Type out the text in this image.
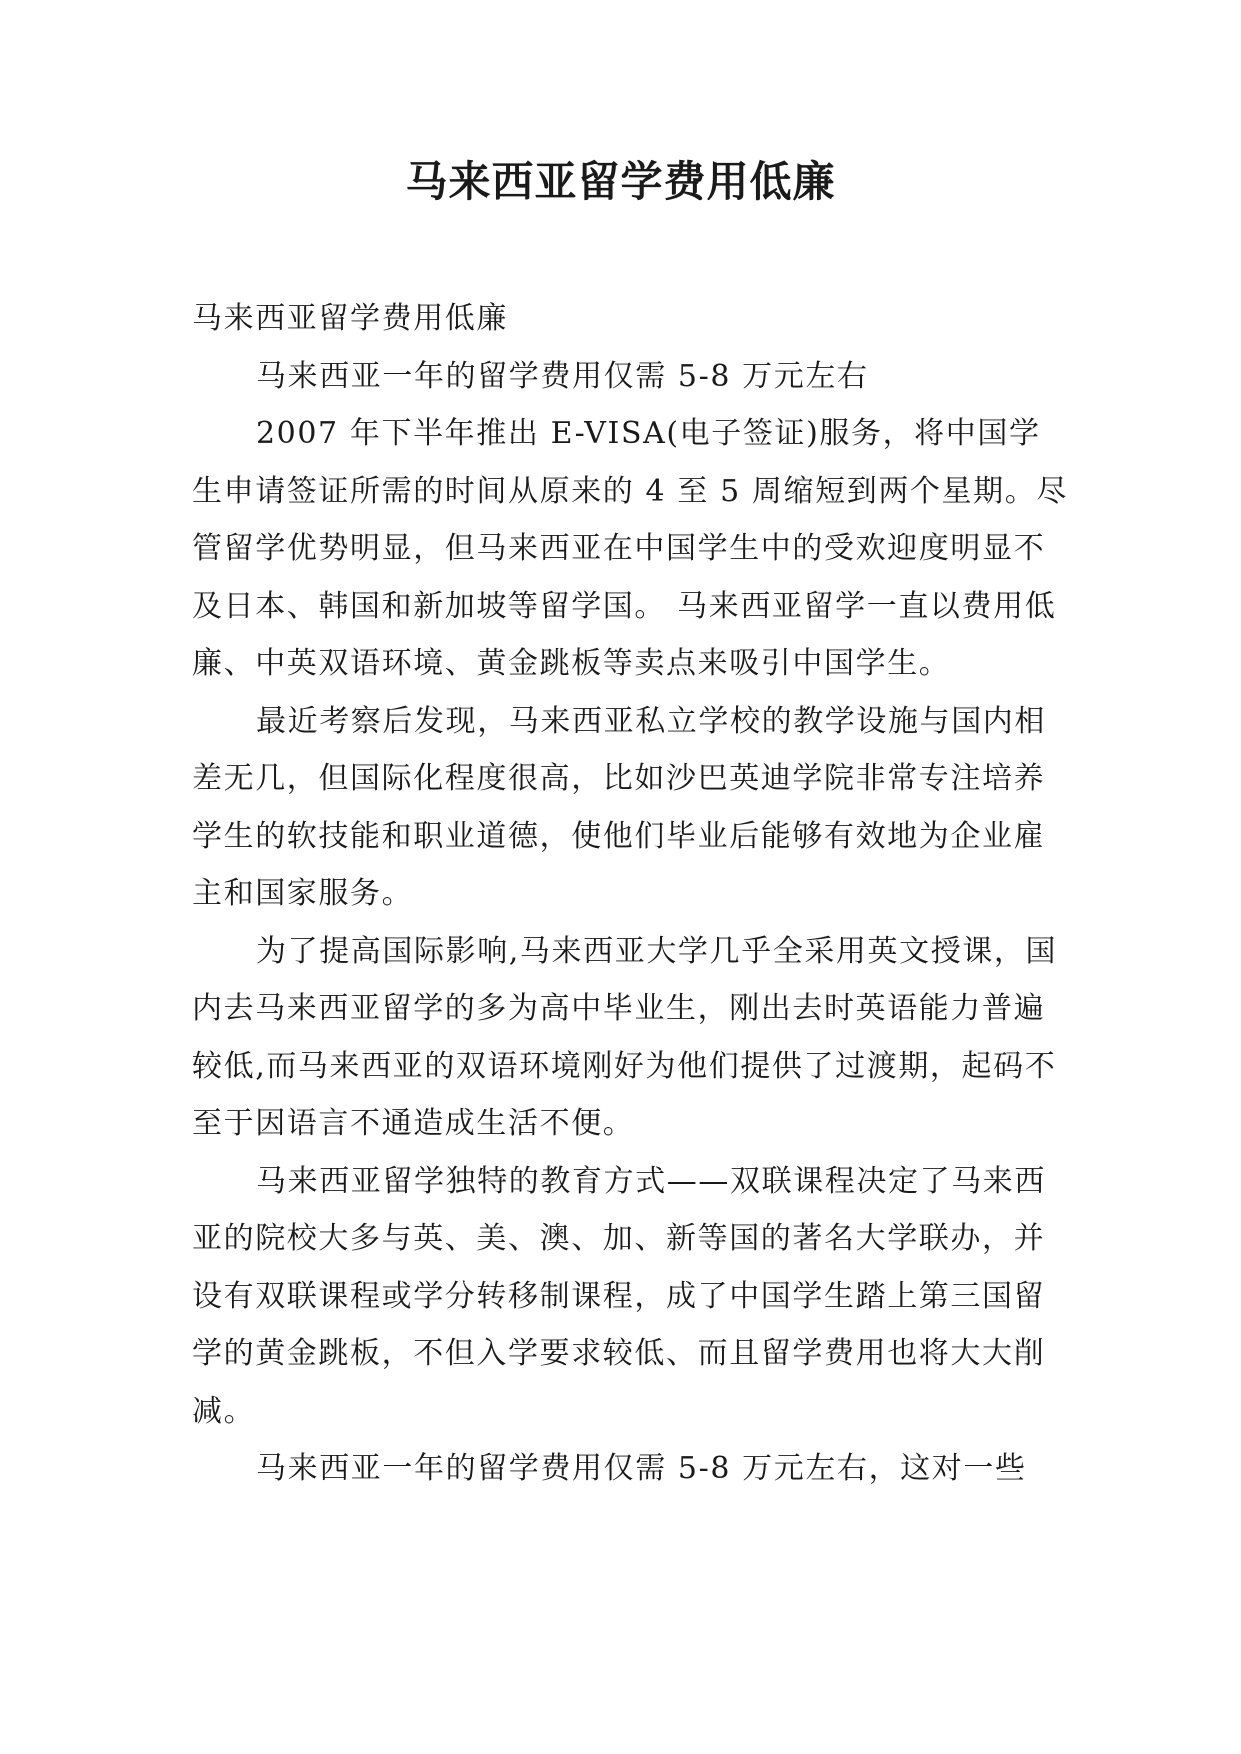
马来西亚留学费用低廉

马来西亚留学费用低廉

马来西亚一年的留学费用仅需 5-8 万元左右

2007 年下半年推出 E-VISA(电子签证)服务，将中国学生申请签证所需的时间从原来的 4 至 5 周缩短到两个星期。尽管留学优势明显，但马来西亚在中国学生中的受欢迎度明显不及日本、韩国和新加坡等留学国。 马来西亚留学一直以费用低廉、中英双语环境、黄金跳板等卖点来吸引中国学生。

最近考察后发现，马来西亚私立学校的教学设施与国内相差无几，但国际化程度很高，比如沙巴英迪学院非常专注培养学生的软技能和职业道德，使他们毕业后能够有效地为企业雇主和国家服务。

为了提高国际影响,马来西亚大学几乎全采用英文授课，国内去马来西亚留学的多为高中毕业生，刚出去时英语能力普遍较低,而马来西亚的双语环境刚好为他们提供了过渡期，起码不至于因语言不通造成生活不便。

马来西亚留学独特的教育方式——双联课程决定了马来西亚的院校大多与英、美、澳、加、新等国的著名大学联办，并设有双联课程或学分转移制课程，成了中国学生踏上第三国留学的黄金跳板，不但入学要求较低、而且留学费用也将大大削减。

马来西亚一年的留学费用仅需 5-8 万元左右，这对一些
